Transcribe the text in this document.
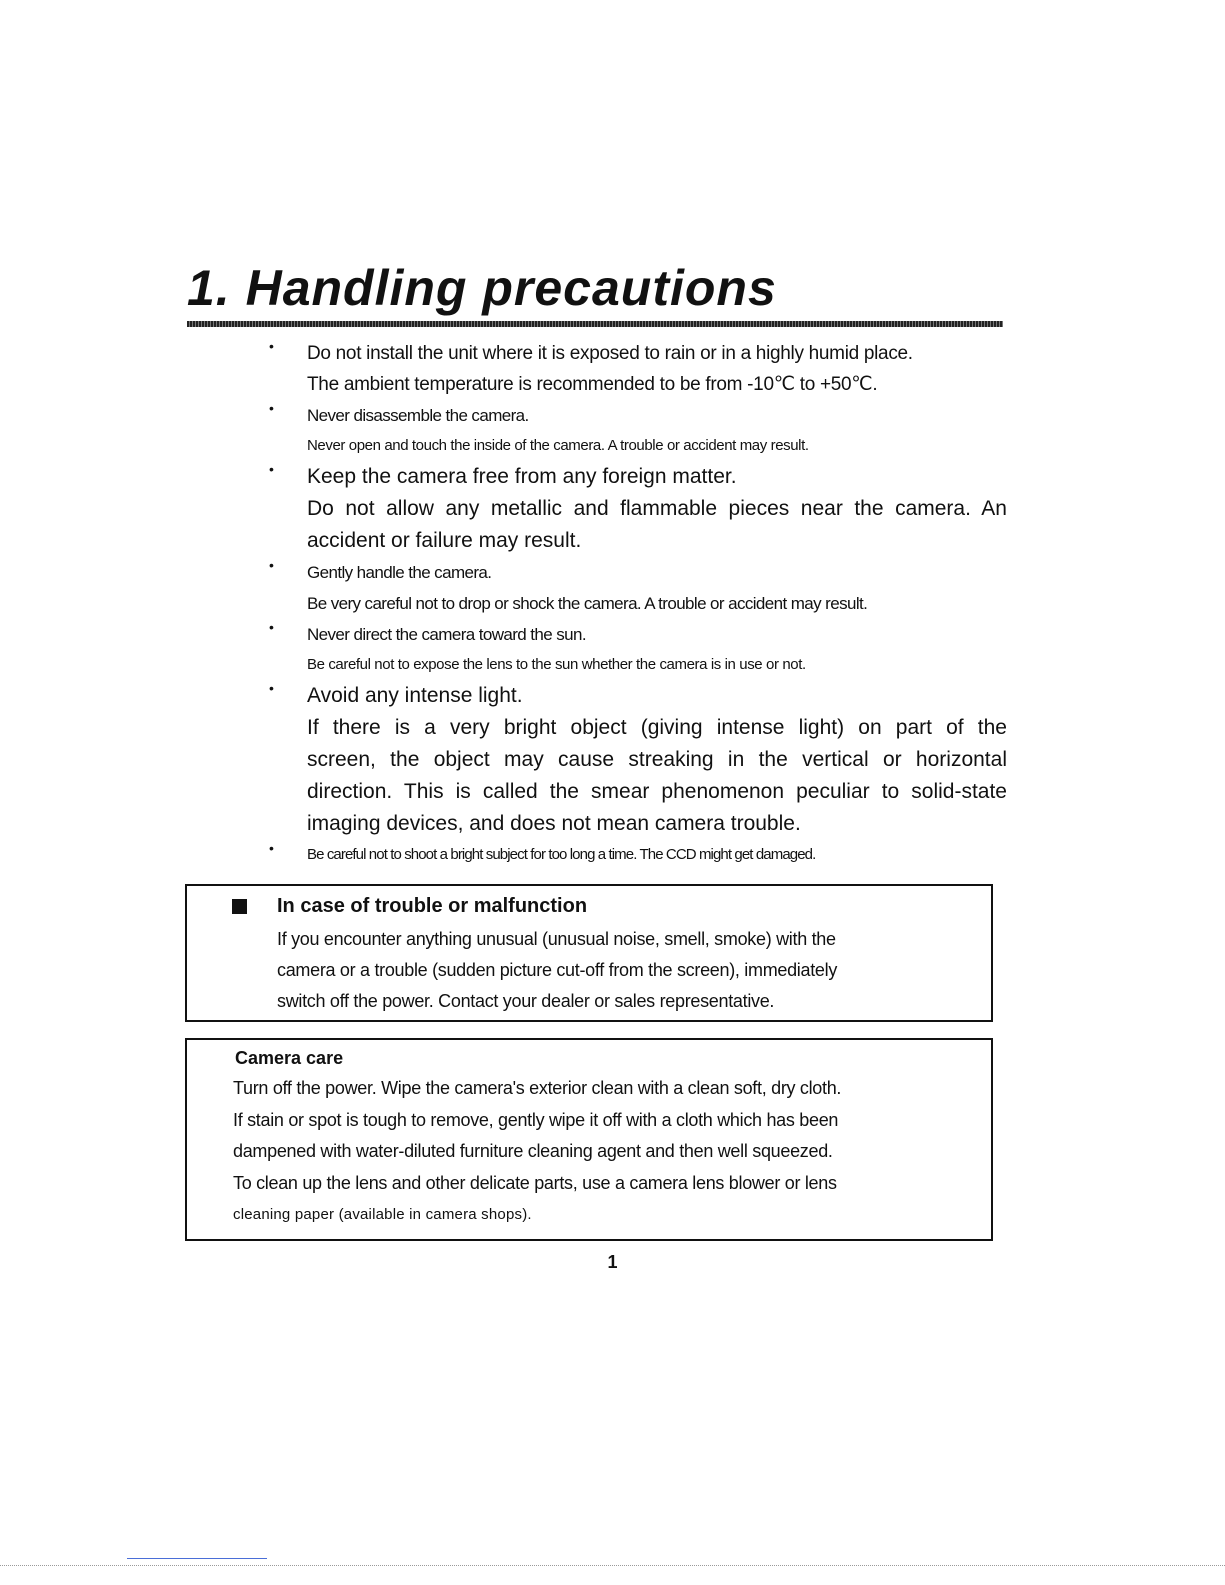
1. Handling precautions
• Do not install the unit where it is exposed to rain or in a highly humid place.
The ambient temperature is recommended to be from -10℃ to +50℃.
• Never disassemble the camera.
Never open and touch the inside of the camera. A trouble or accident may result.
• Keep the camera free from any foreign matter.
Do not allow any metallic and flammable pieces near the camera. An
accident or failure may result.
• Gently handle the camera.
Be very careful not to drop or shock the camera. A trouble or accident may result.
• Never direct the camera toward the sun.
Be careful not to expose the lens to the sun whether the camera is in use or not.
• Avoid any intense light.
If there is a very bright object (giving intense light) on part of the
screen, the object may cause streaking in the vertical or horizontal
direction. This is called the smear phenomenon peculiar to solid-state
imaging devices, and does not mean camera trouble.
• Be careful not to shoot a bright subject for too long a time. The CCD might get damaged.
In case of trouble or malfunction
If you encounter anything unusual (unusual noise, smell, smoke) with the
camera or a trouble (sudden picture cut-off from the screen), immediately
switch off the power. Contact your dealer or sales representative.
Camera care
Turn off the power. Wipe the camera's exterior clean with a clean soft, dry cloth.
If stain or spot is tough to remove, gently wipe it off with a cloth which has been
dampened with water-diluted furniture cleaning agent and then well squeezed.
To clean up the lens and other delicate parts, use a camera lens blower or lens
cleaning paper (available in camera shops).
1
